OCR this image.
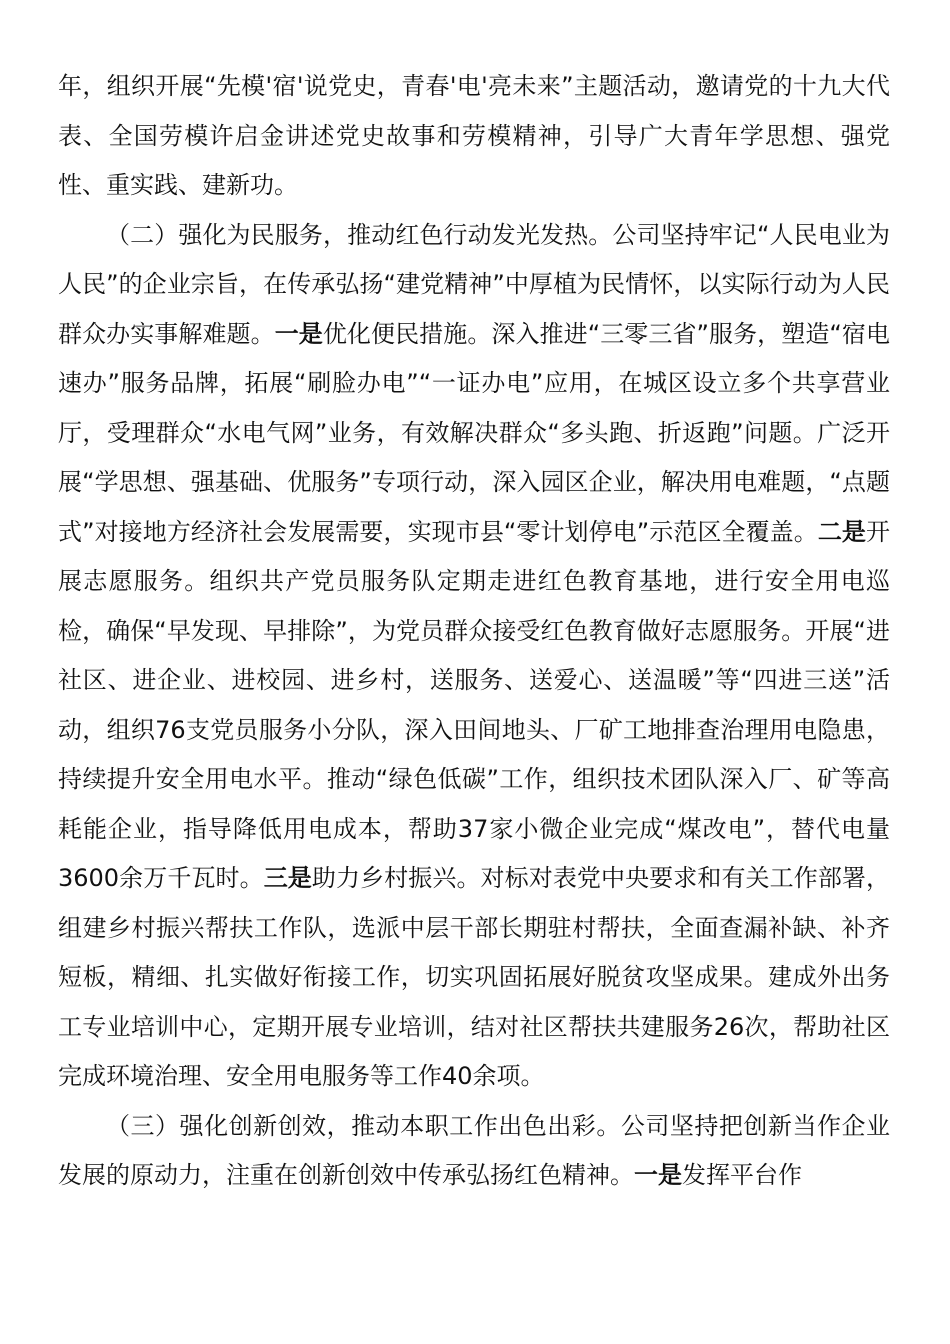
年，组织开展“先模'宿'说党史，青春'电'亮未来”主题活动，邀请党的十九大代表、全国劳模许启金讲述党史故事和劳模精神，引导广大青年学思想、强党性、重实践、建新功。

（二）强化为民服务，推动红色行动发光发热。公司坚持牢记“人民电业为人民”的企业宗旨，在传承弘扬“建党精神”中厚植为民情怀，以实际行动为人民群众办实事解难题。一是优化便民措施。深入推进“三零三省”服务，塑造“宿电速办”服务品牌，拓展“刷脸办电”“一证办电”应用，在城区设立多个共享营业厅，受理群众“水电气网”业务，有效解决群众“多头跑、折返跑”问题。广泛开展“学思想、强基础、优服务”专项行动，深入园区企业，解决用电难题，“点题式”对接地方经济社会发展需要，实现市县“零计划停电”示范区全覆盖。二是开展志愿服务。组织共产党员服务队定期走进红色教育基地，进行安全用电巡检，确保“早发现、早排除”，为党员群众接受红色教育做好志愿服务。开展“进社区、进企业、进校园、进乡村，送服务、送爱心、送温暖”等“四进三送”活动，组织76支党员服务小分队，深入田间地头、厂矿工地排查治理用电隐患，持续提升安全用电水平。推动“绿色低碳”工作，组织技术团队深入厂、矿等高耗能企业，指导降低用电成本，帮助37家小微企业完成“煤改电”，替代电量3600余万千瓦时。三是助力乡村振兴。对标对表党中央要求和有关工作部署，组建乡村振兴帮扶工作队，选派中层干部长期驻村帮扶，全面查漏补缺、补齐短板，精细、扎实做好衔接工作，切实巩固拓展好脱贫攻坚成果。建成外出务工专业培训中心，定期开展专业培训，结对社区帮扶共建服务26次，帮助社区完成环境治理、安全用电服务等工作40余项。

（三）强化创新创效，推动本职工作出色出彩。公司坚持把创新当作企业发展的原动力，注重在创新创效中传承弘扬红色精神。一是发挥平台作
